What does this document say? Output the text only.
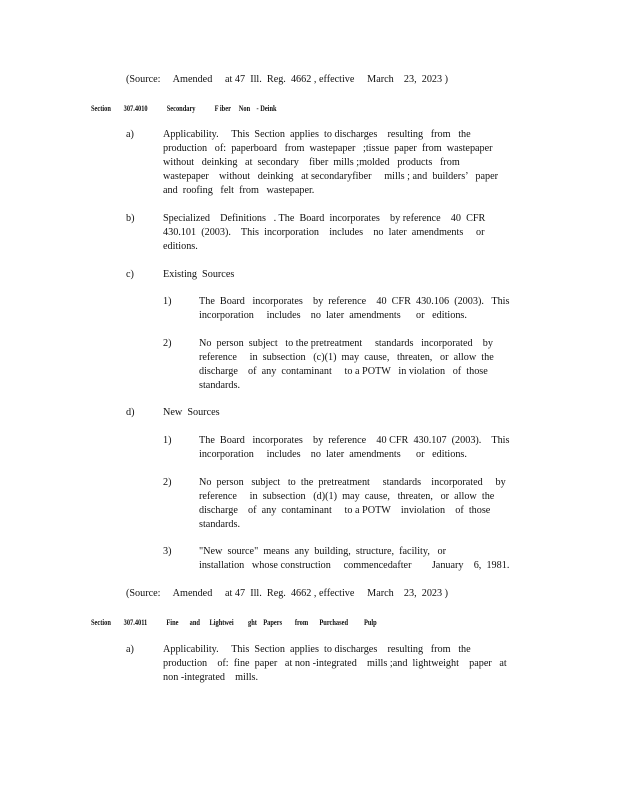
(Source:     Amended     at 47  Ill.  Reg.  4662 , effective     March    23,  2023 )
Section        307.4010            Secondary            F iber     Non    - Deink
a)	Applicability.     This  Section  applies  to discharges    resulting   from   the
production   of:  paperboard   from  wastepaper   ;tissue  paper  from  wastepaper
without   deinking   at  secondary    fiber  mills ;molded   products   from
wastepaper    without   deinking   at secondaryfiber     mills ; and  builders’   paper
and  roofing   felt  from   wastepaper.
b)	Specialized    Definitions   . The  Board  incorporates    by reference    40  CFR
430.101  (2003).    This  incorporation    includes    no  later  amendments     or
editions.
c)	Existing  Sources
1)	The  Board   incorporates    by  reference    40  CFR  430.106  (2003).   This
incorporation     includes    no  later  amendments      or   editions.
2)	No  person  subject   to the pretreatment     standards   incorporated    by
reference     in  subsection   (c)(1)  may  cause,   threaten,   or  allow  the
discharge    of  any  contaminant     to a POTW   in violation   of  those
standards.
d)	New  Sources
1)	The  Board   incorporates    by  reference    40 CFR  430.107  (2003).    This
incorporation     includes    no  later  amendments      or   editions.
2)	No  person   subject   to  the  pretreatment     standards    incorporated     by
reference     in  subsection   (d)(1)  may  cause,   threaten,   or  allow  the
discharge    of  any  contaminant     to a POTW    inviolation    of  those
standards.
3)	"New  source"  means  any  building,  structure,  facility,   or
installation   whose construction     commencedafter        January    6,  1981.
(Source:     Amended     at 47  Ill.  Reg.  4662 , effective     March    23,  2023 )
Section        307.4011            Fine       and      Lightwei         ght    Papers        from       Purchased          Pulp
a)	Applicability.     This  Section  applies  to discharges    resulting   from   the
production    of:  fine  paper   at non -integrated    mills ;and  lightweight    paper   at
non -integrated    mills.
